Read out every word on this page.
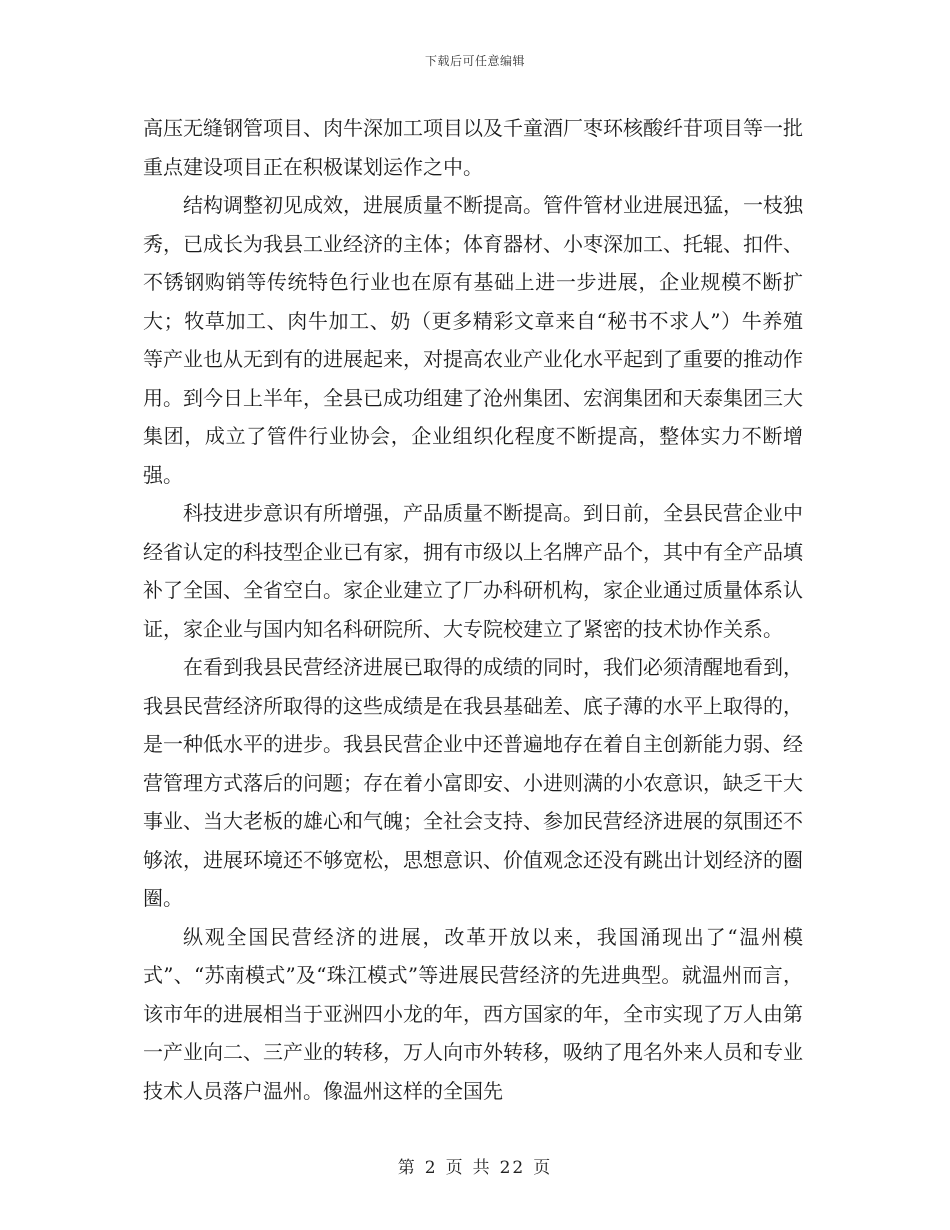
下载后可任意编辑

高压无缝钢管项目、肉牛深加工项目以及千童酒厂枣环核酸纤苷项目等一批重点建设项目正在积极谋划运作之中。

结构调整初见成效，进展质量不断提高。管件管材业进展迅猛，一枝独秀，已成长为我县工业经济的主体；体育器材、小枣深加工、托辊、扣件、不锈钢购销等传统特色行业也在原有基础上进一步进展，企业规模不断扩大；牧草加工、肉牛加工、奶（更多精彩文章来自“秘书不求人”）牛养殖等产业也从无到有的进展起来，对提高农业产业化水平起到了重要的推动作用。到今日上半年，全县已成功组建了沧州集团、宏润集团和天泰集团三大集团，成立了管件行业协会，企业组织化程度不断提高，整体实力不断增强。

科技进步意识有所增强，产品质量不断提高。到日前，全县民营企业中经省认定的科技型企业已有家，拥有市级以上名牌产品个，其中有全产品填补了全国、全省空白。家企业建立了厂办科研机构，家企业通过质量体系认证，家企业与国内知名科研院所、大专院校建立了紧密的技术协作关系。

在看到我县民营经济进展已取得的成绩的同时，我们必须清醒地看到，我县民营经济所取得的这些成绩是在我县基础差、底子薄的水平上取得的，是一种低水平的进步。我县民营企业中还普遍地存在着自主创新能力弱、经营管理方式落后的问题；存在着小富即安、小进则满的小农意识，缺乏干大事业、当大老板的雄心和气魄；全社会支持、参加民营经济进展的氛围还不够浓，进展环境还不够宽松，思想意识、价值观念还没有跳出计划经济的圈圈。

纵观全国民营经济的进展，改革开放以来，我国涌现出了“温州模式”、“苏南模式”及“珠江模式”等进展民营经济的先进典型。就温州而言，该市年的进展相当于亚洲四小龙的年，西方国家的年，全市实现了万人由第一产业向二、三产业的转移，万人向市外转移，吸纳了甩名外来人员和专业技术人员落户温州。像温州这样的全国先

第 2 页 共 22 页
